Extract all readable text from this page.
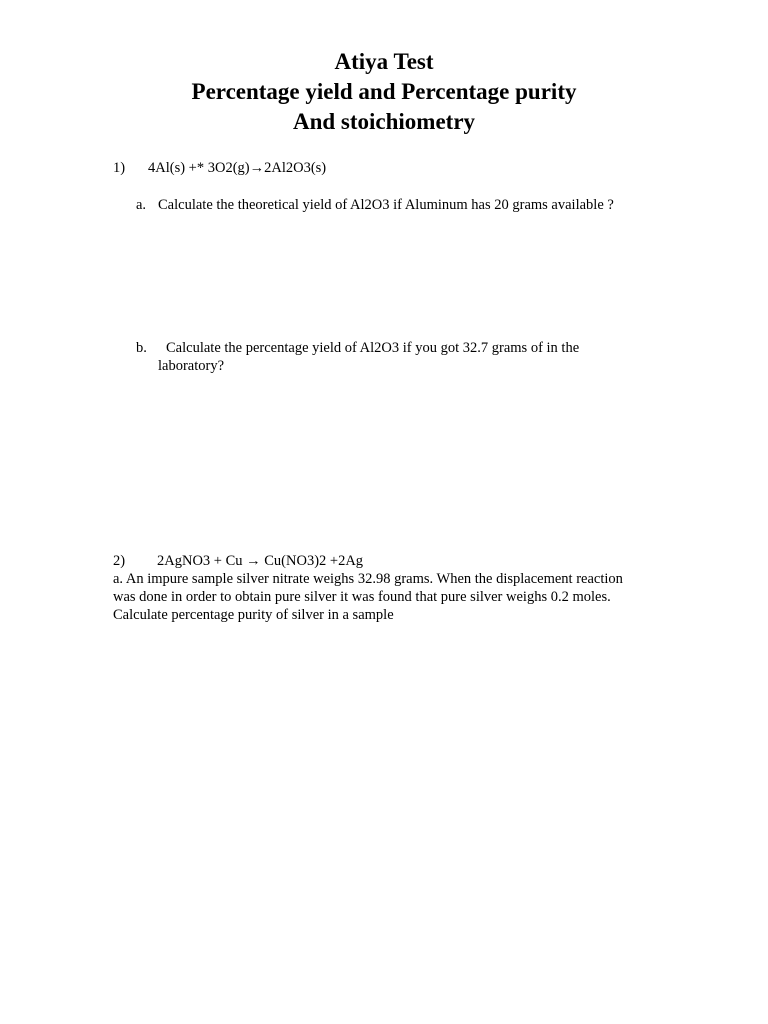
Atiya Test
Percentage yield and Percentage purity
And stoichiometry
1) 4Al(s) +* 3O2(g)→2Al2O3(s)
a. Calculate the theoretical yield of Al2O3 if Aluminum has 20 grams available ?
b. Calculate the percentage yield of Al2O3 if you got 32.7 grams of in the
laboratory?
2) 2AgNO3 + Cu → Cu(NO3)2 +2Ag
a. An impure sample silver nitrate weighs 32.98 grams. When the displacement reaction
was done in order to obtain pure silver it was found that pure silver weighs 0.2 moles.
Calculate percentage purity of silver in a sample
